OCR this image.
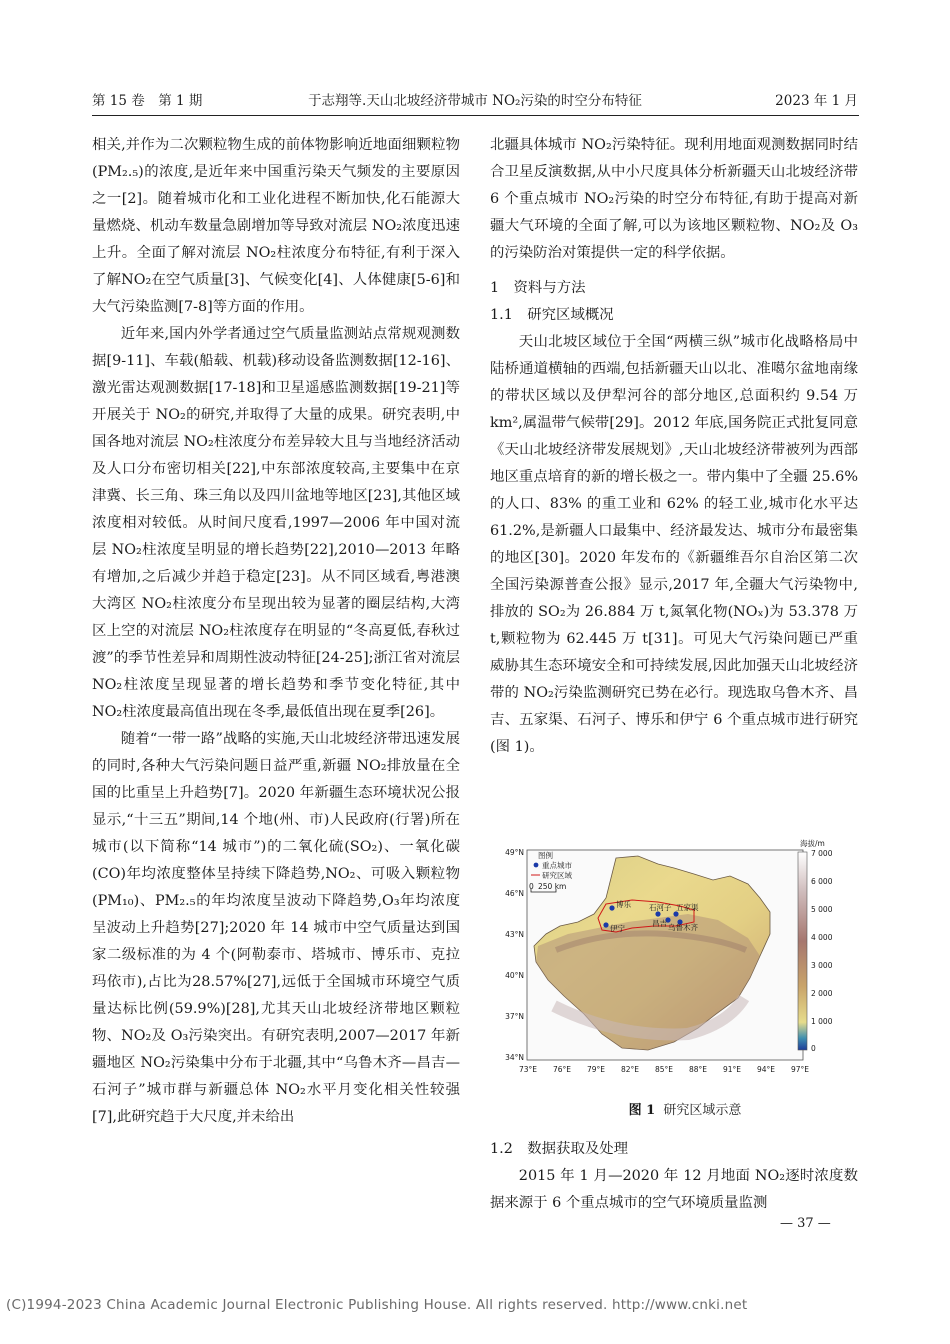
第 15 卷　第 1 期	于志翔等.天山北坡经济带城市 NO₂污染的时空分布特征	2023 年 1 月

相关,并作为二次颗粒物生成的前体物影响近地面细颗粒物(PM₂.₅)的浓度,是近年来中国重污染天气频发的主要原因之一[2]。随着城市化和工业化进程不断加快,化石能源大量燃烧、机动车数量急剧增加等导致对流层 NO₂浓度迅速上升。全面了解对流层 NO₂柱浓度分布特征,有利于深入了解NO₂在空气质量[3]、气候变化[4]、人体健康[5-6]和大气污染监测[7-8]等方面的作用。

近年来,国内外学者通过空气质量监测站点常规观测数据[9-11]、车载(船载、机载)移动设备监测数据[12-16]、激光雷达观测数据[17-18]和卫星遥感监测数据[19-21]等开展关于 NO₂的研究,并取得了大量的成果。研究表明,中国各地对流层 NO₂柱浓度分布差异较大且与当地经济活动及人口分布密切相关[22],中东部浓度较高,主要集中在京津冀、长三角、珠三角以及四川盆地等地区[23],其他区域浓度相对较低。从时间尺度看,1997—2006 年中国对流层 NO₂柱浓度呈明显的增长趋势[22],2010—2013 年略有增加,之后减少并趋于稳定[23]。从不同区域看,粤港澳大湾区 NO₂柱浓度分布呈现出较为显著的圈层结构,大湾区上空的对流层 NO₂柱浓度存在明显的“冬高夏低,春秋过渡”的季节性差异和周期性波动特征[24-25];浙江省对流层 NO₂柱浓度呈现显著的增长趋势和季节变化特征,其中 NO₂柱浓度最高值出现在冬季,最低值出现在夏季[26]。

随着“一带一路”战略的实施,天山北坡经济带迅速发展的同时,各种大气污染问题日益严重,新疆 NO₂排放量在全国的比重呈上升趋势[7]。2020 年新疆生态环境状况公报显示,“十三五”期间,14 个地(州、市)人民政府(行署)所在城市(以下简称“14 城市”)的二氧化硫(SO₂)、一氧化碳(CO)年均浓度整体呈持续下降趋势,NO₂、可吸入颗粒物(PM₁₀)、PM₂.₅的年均浓度呈波动下降趋势,O₃年均浓度呈波动上升趋势[27];2020 年 14 城市中空气质量达到国家二级标准的为 4 个(阿勒泰市、塔城市、博乐市、克拉玛依市),占比为28.57%[27],远低于全国城市环境空气质量达标比例(59.9%)[28],尤其天山北坡经济带地区颗粒物、NO₂及 O₃污染突出。有研究表明,2007—2017 年新疆地区 NO₂污染集中分布于北疆,其中“乌鲁木齐—昌吉—石河子”城市群与新疆总体 NO₂水平月变化相关性较强[7],此研究趋于大尺度,并未给出

北疆具体城市 NO₂污染特征。现利用地面观测数据同时结合卫星反演数据,从中小尺度具体分析新疆天山北坡经济带 6 个重点城市 NO₂污染的时空分布特征,有助于提高对新疆大气环境的全面了解,可以为该地区颗粒物、NO₂及 O₃的污染防治对策提供一定的科学依据。

1　资料与方法

1.1　研究区域概况

天山北坡区域位于全国“两横三纵”城市化战略格局中陆桥通道横轴的西端,包括新疆天山以北、准噶尔盆地南缘的带状区域以及伊犁河谷的部分地区,总面积约 9.54 万 km²,属温带气候带[29]。2012 年底,国务院正式批复同意《天山北坡经济带发展规划》,天山北坡经济带被列为西部地区重点培育的新的增长极之一。带内集中了全疆 25.6% 的人口、83% 的重工业和 62% 的轻工业,城市化水平达 61.2%,是新疆人口最集中、经济最发达、城市分布最密集的地区[30]。2020 年发布的《新疆维吾尔自治区第二次全国污染源普查公报》显示,2017 年,全疆大气污染物中,排放的 SO₂为 26.884 万 t,氮氧化物(NOₓ)为 53.378 万 t,颗粒物为 62.445 万 t[31]。可见大气污染问题已严重威胁其生态环境安全和可持续发展,因此加强天山北坡经济带的 NO₂污染监测研究已势在必行。现选取乌鲁木齐、昌吉、五家渠、石河子、博乐和伊宁 6 个重点城市进行研究(图 1)。

博乐
伊宁
石河子 五家渠
昌吉 乌鲁木齐
图例
重点城市
研究区域
0 250 km
49°N
46°N
43°N
40°N
37°N
34°N
73°E 76°E 79°E 82°E 85°E 88°E 91°E 94°E 97°E
海拔/m
7 000
6 000
5 000
4 000
3 000
2 000
1 000
0
图 1 研究区域示意

1.2　数据获取及处理

2015 年 1 月—2020 年 12 月地面 NO₂逐时浓度数据来源于 6 个重点城市的空气环境质量监测

— 37 —
(C)1994-2023 China Academic Journal Electronic Publishing House. All rights reserved. http://www.cnki.net
